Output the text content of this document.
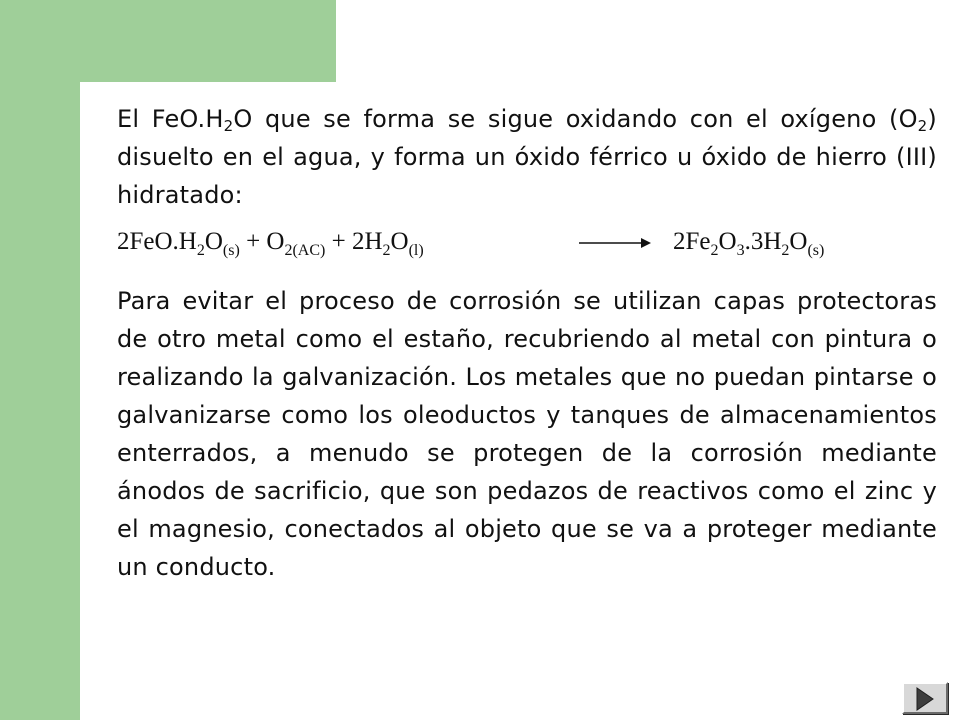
El $FeO.H_2O$ que se forma se sigue oxidando con el oxígeno $(O_2)$ disuelto en el agua, y forma un óxido férrico u óxido de hierro (III) hidratado:

$2FeO.H_2O_{(s)} + O_{2(AC)} + 2H_2O_{(l)}$	→ $2Fe_2O_3.3H_2O_{(s)}$

Para evitar el proceso de corrosión se utilizan capas protectoras de otro metal como el estaño, recubriendo al metal con pintura o realizando la galvanización. Los metales que no puedan pintarse o galvanizarse como los oleoductos y tanques de almacenamientos enterrados, a menudo se protegen de la corrosión mediante ánodos de sacrificio, que son pedazos de reactivos como el zinc y el magnesio, conectados al objeto que se va a proteger mediante un conducto.
